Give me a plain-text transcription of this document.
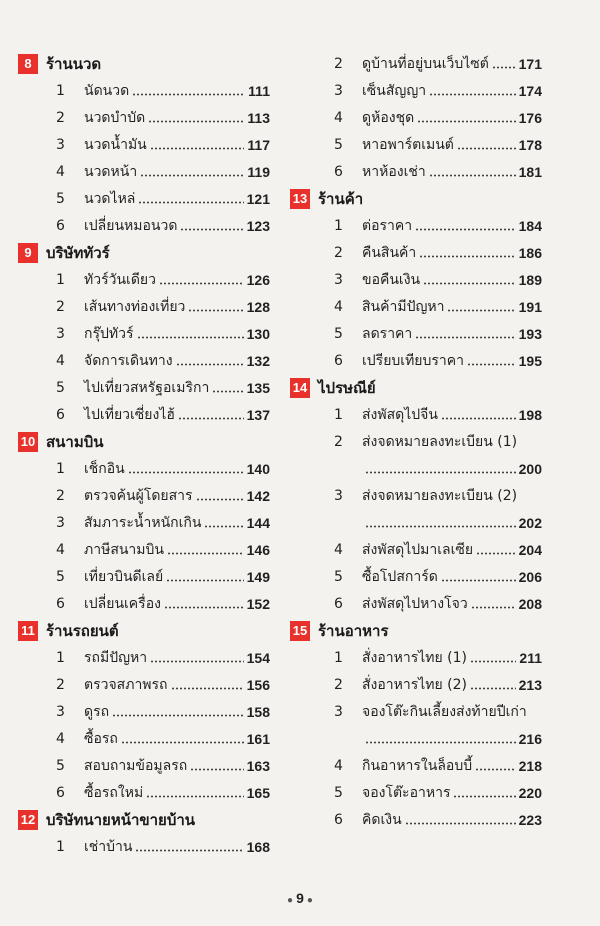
8 ร้านนวด
1	นัดนวด	111
2	นวดบำบัด	113
3	นวดน้ำมัน	117
4	นวดหน้า	119
5	นวดไหล่	121
6	เปลี่ยนหมอนวด	123
9 บริษัททัวร์
1	ทัวร์วันเดียว	126
2	เส้นทางท่องเที่ยว	128
3	กรุ๊ปทัวร์	130
4	จัดการเดินทาง	132
5	ไปเที่ยวสหรัฐอเมริกา	135
6	ไปเที่ยวเซี่ยงไฮ้	137
10 สนามบิน
1	เช็กอิน	140
2	ตรวจค้นผู้โดยสาร	142
3	สัมภาระน้ำหนักเกิน	144
4	ภาษีสนามบิน	146
5	เที่ยวบินดีเลย์	149
6	เปลี่ยนเครื่อง	152
11 ร้านรถยนต์
1	รถมีปัญหา	154
2	ตรวจสภาพรถ	156
3	ดูรถ	158
4	ซื้อรถ	161
5	สอบถามข้อมูลรถ	163
6	ซื้อรถใหม่	165
12 บริษัทนายหน้าขายบ้าน
1	เช่าบ้าน	168
2	ดูบ้านที่อยู่บนเว็บไซต์ 171
3	เซ็นสัญญา	174
4	ดูห้องชุด	176
5	หาอพาร์ตเมนต์	178
6	หาห้องเช่า	181
13 ร้านค้า
1	ต่อราคา	184
2	คืนสินค้า	186
3	ขอคืนเงิน	189
4	สินค้ามีปัญหา	191
5	ลดราคา	193
6	เปรียบเทียบราคา	195
14 ไปรษณีย์
1	ส่งพัสดุไปจีน	198
2	ส่งจดหมายลงทะเบียน (1)
200
3	ส่งจดหมายลงทะเบียน (2)
202
4	ส่งพัสดุไปมาเลเซีย	204
5	ซื้อโปสการ์ด	206
6	ส่งพัสดุไปหางโจว	208
15 ร้านอาหาร
1	สั่งอาหารไทย (1)	211
2	สั่งอาหารไทย (2)	213
3	จองโต๊ะกินเลี้ยงส่งท้ายปีเก่า
216
4	กินอาหารในล็อบบี้	218
5	จองโต๊ะอาหาร	220
6	คิดเงิน	223
● 9 ●
